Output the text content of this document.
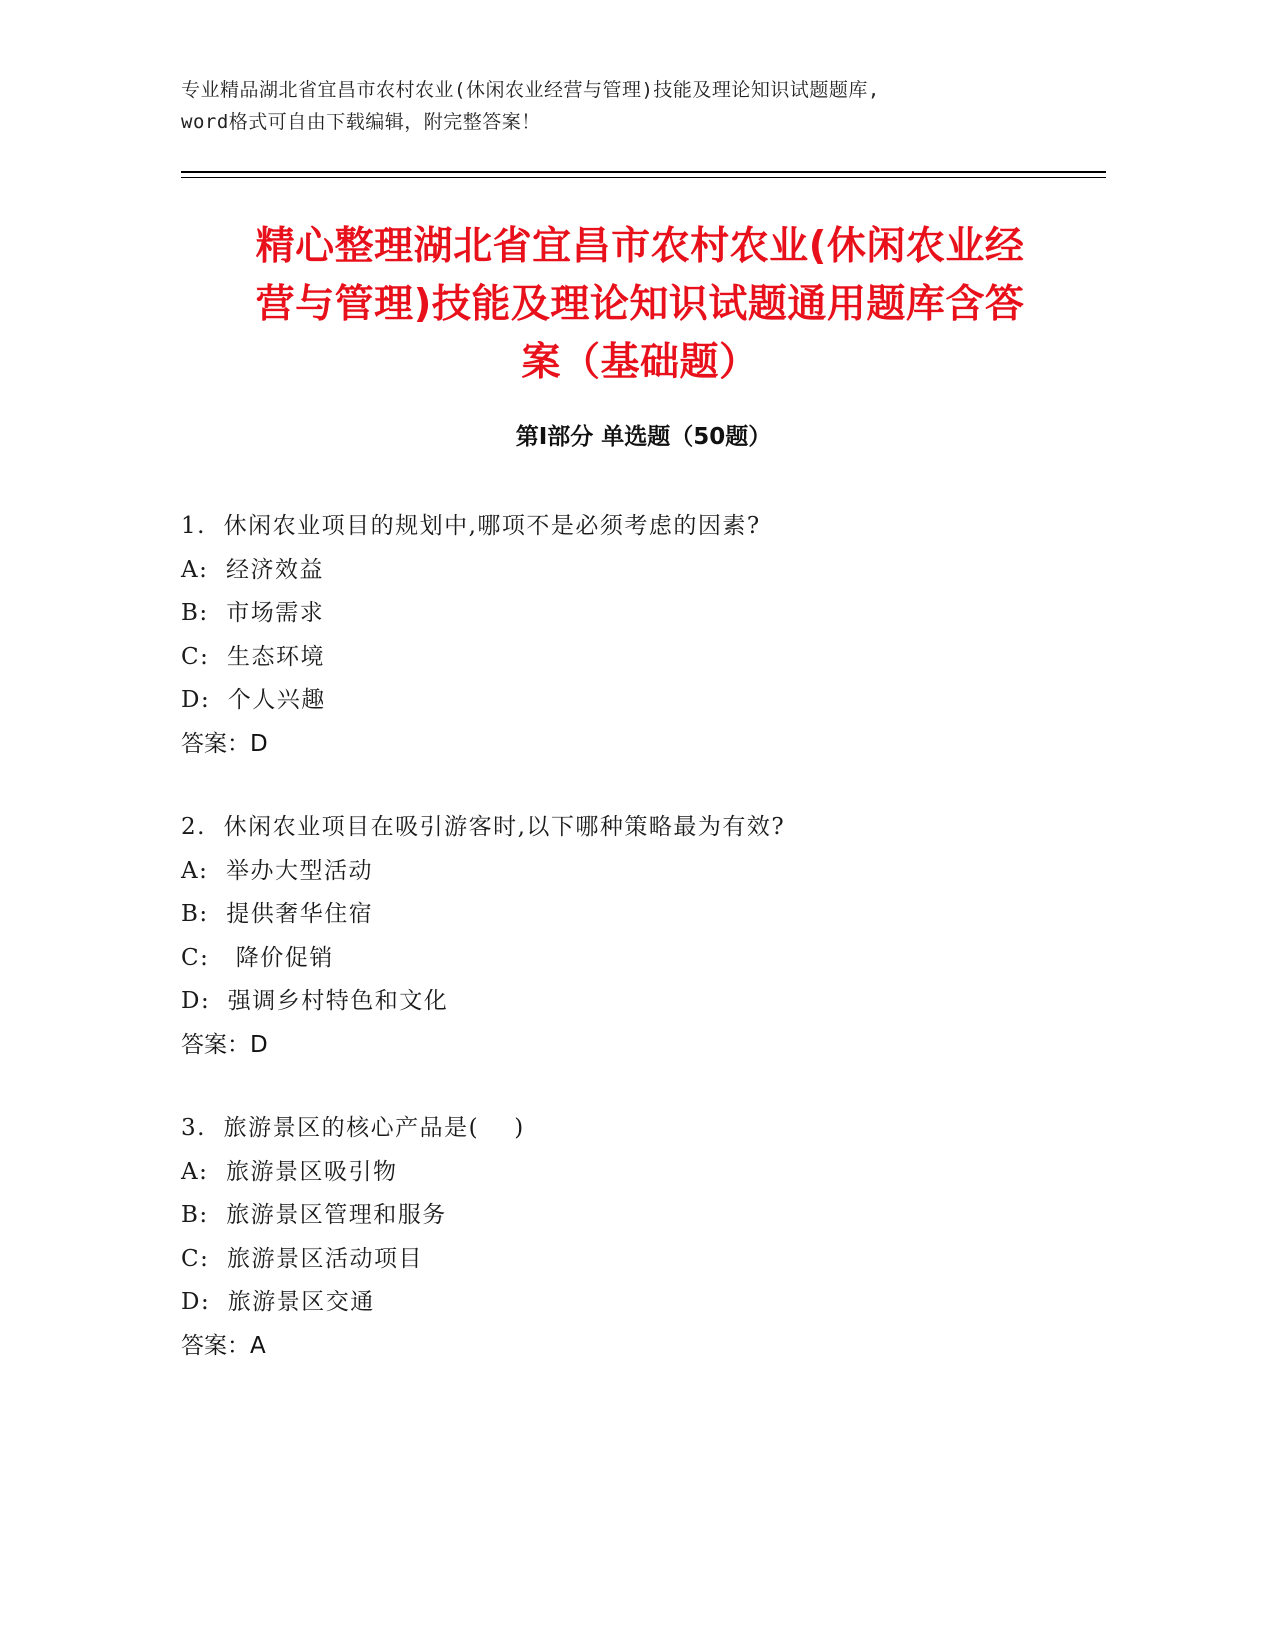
专业精品湖北省宜昌市农村农业(休闲农业经营与管理)技能及理论知识试题题库,
word格式可自由下载编辑，附完整答案！
精心整理湖北省宜昌市农村农业(休闲农业经
营与管理)技能及理论知识试题通用题库含答
案（基础题）
第Ⅰ部分 单选题（50题）
1.  休闲农业项目的规划中,哪项不是必须考虑的因素?
A:  经济效益
B:  市场需求
C:  生态环境
D:  个人兴趣
答案：D
2.  休闲农业项目在吸引游客时,以下哪种策略最为有效?
A:  举办大型活动
B:  提供奢华住宿
C:   降价促销
D:  强调乡村特色和文化
答案：D
3.  旅游景区的核心产品是(    )
A:  旅游景区吸引物
B:  旅游景区管理和服务
C:  旅游景区活动项目
D:  旅游景区交通
答案：A
